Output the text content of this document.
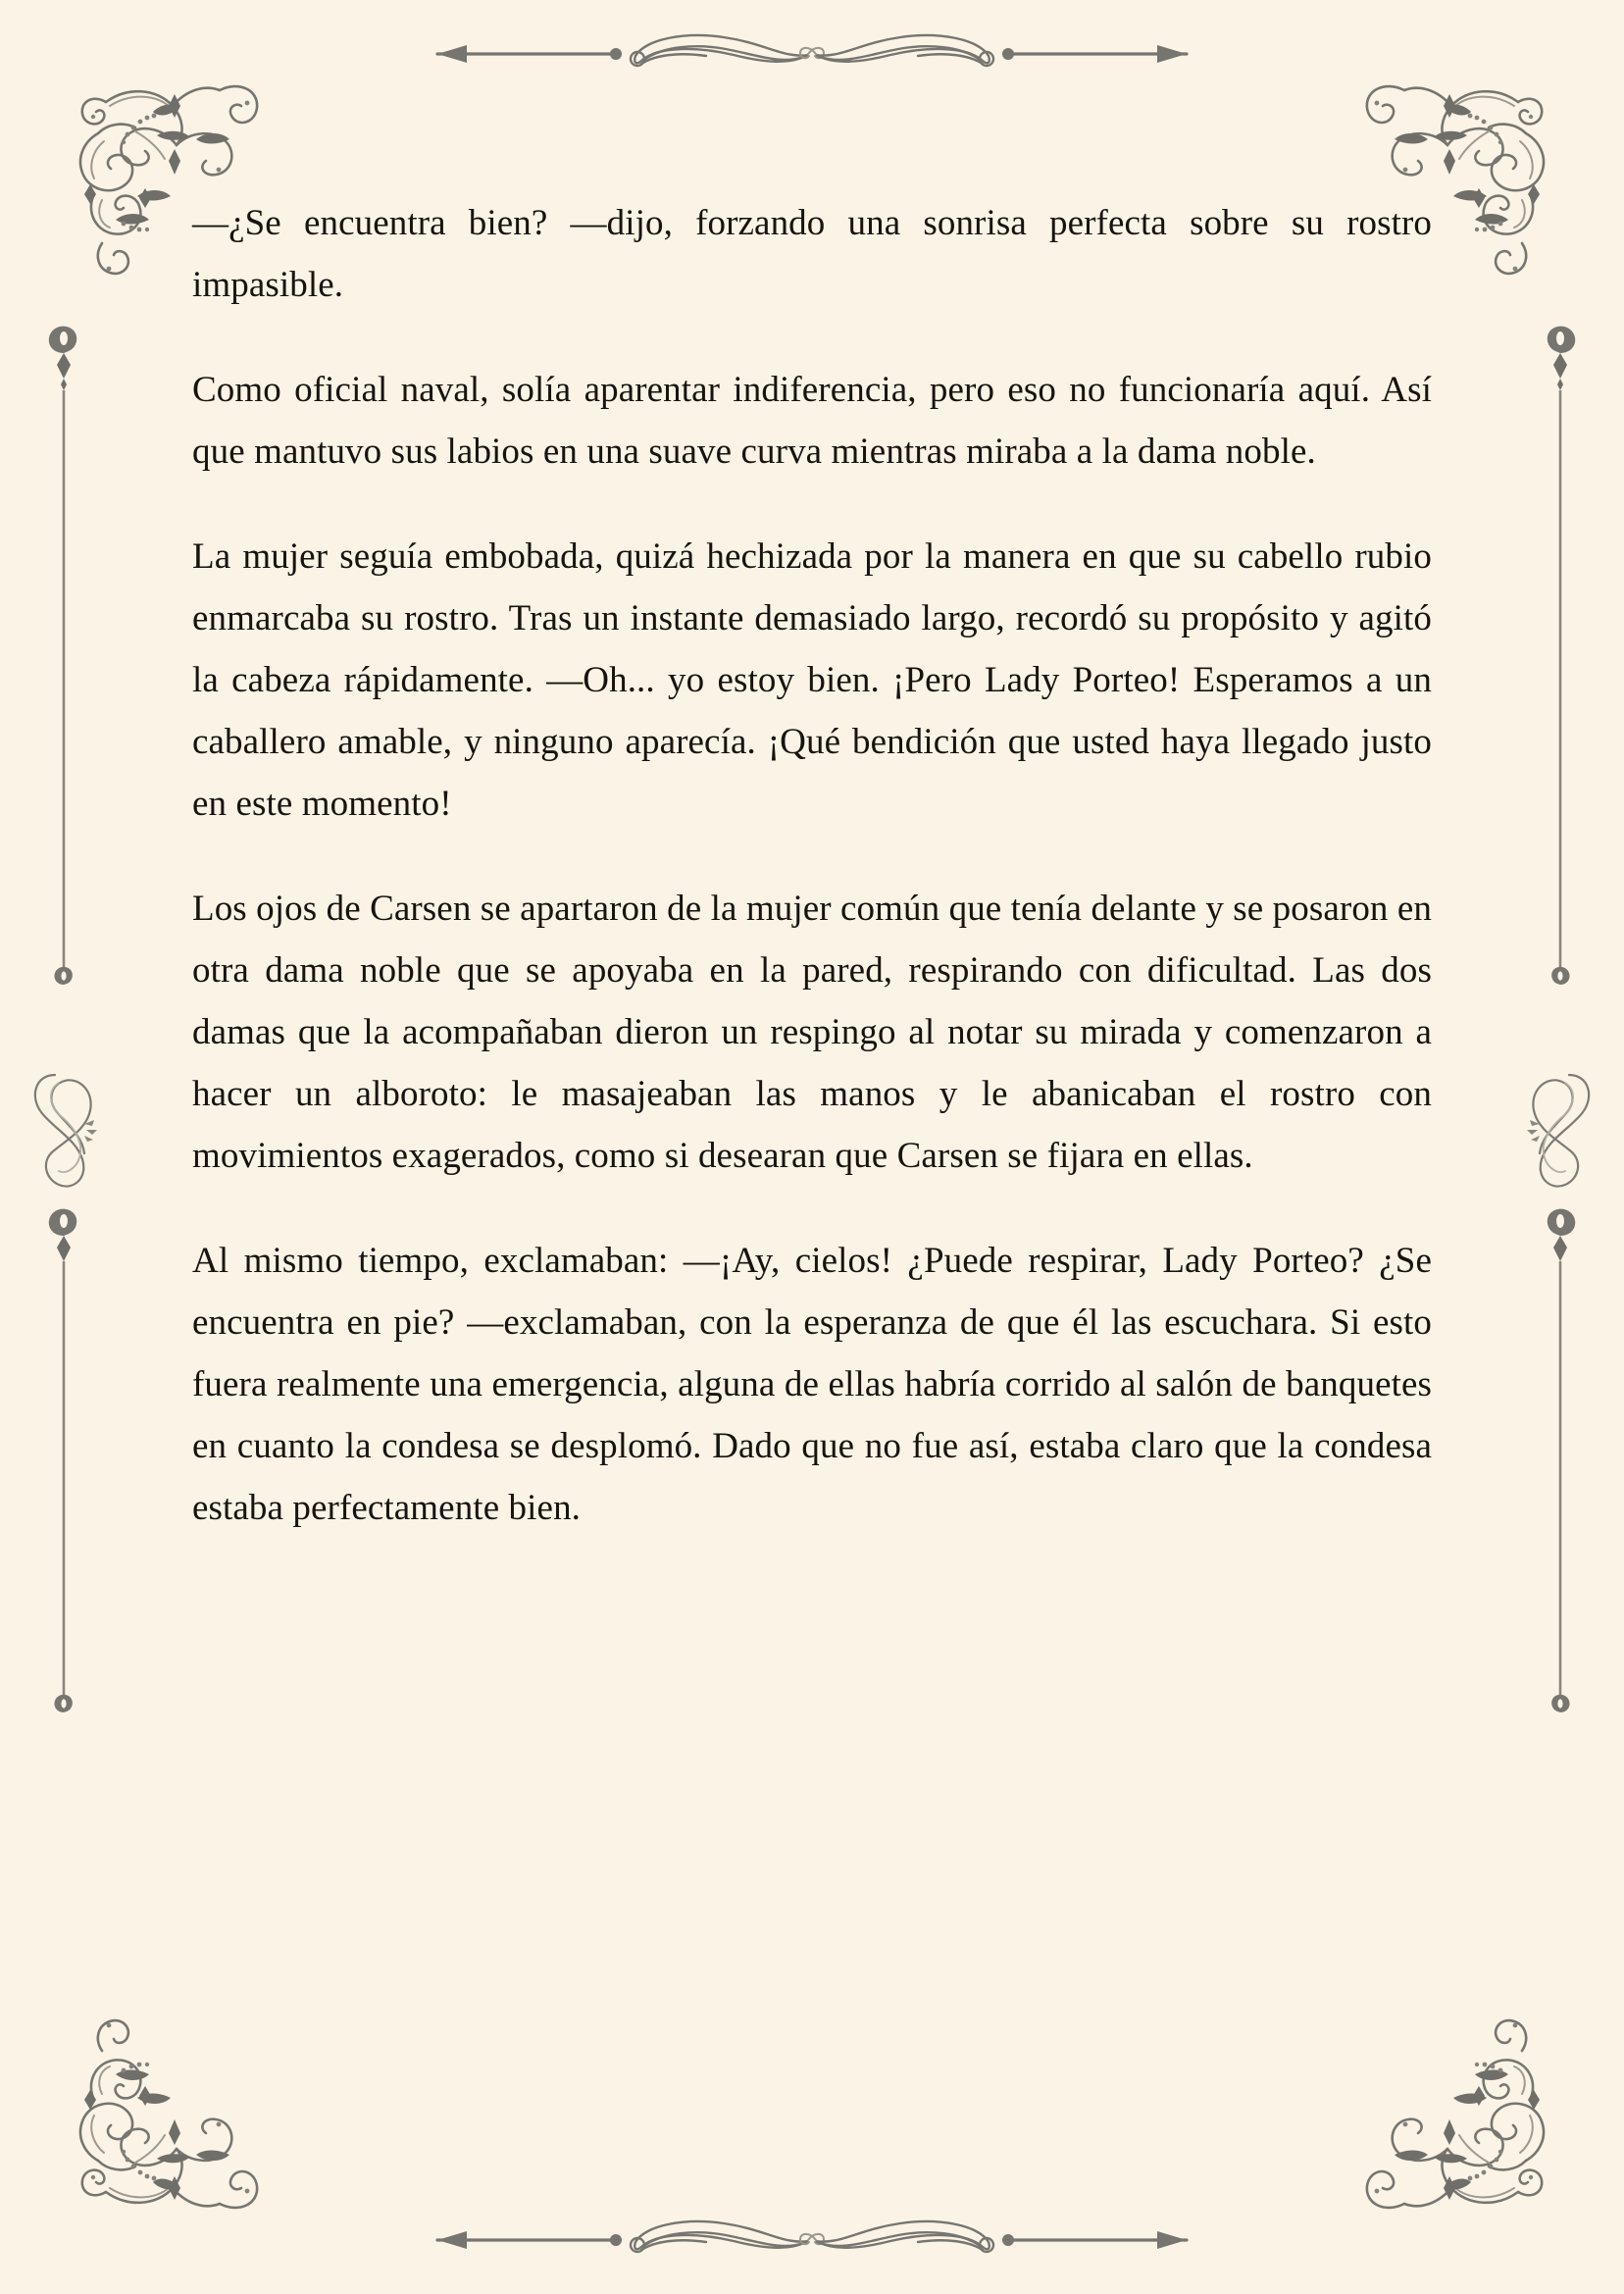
—¿Se encuentra bien? —dijo, forzando una sonrisa perfecta sobre su rostro impasible.

Como oficial naval, solía aparentar indiferencia, pero eso no funcionaría aquí. Así que mantuvo sus labios en una suave curva mientras miraba a la dama noble.

La mujer seguía embobada, quizá hechizada por la manera en que su cabello rubio enmarcaba su rostro. Tras un instante demasiado largo, recordó su propósito y agitó la cabeza rápidamente. —Oh... yo estoy bien. ¡Pero Lady Porteo! Esperamos a un caballero amable, y ninguno aparecía. ¡Qué bendición que usted haya llegado justo en este momento!

Los ojos de Carsen se apartaron de la mujer común que tenía delante y se posaron en otra dama noble que se apoyaba en la pared, respirando con dificultad. Las dos damas que la acompañaban dieron un respingo al notar su mirada y comenzaron a hacer un alboroto: le masajeaban las manos y le abanicaban el rostro con movimientos exagerados, como si desearan que Carsen se fijara en ellas.

Al mismo tiempo, exclamaban: —¡Ay, cielos! ¿Puede respirar, Lady Porteo? ¿Se encuentra en pie? —exclamaban, con la esperanza de que él las escuchara. Si esto fuera realmente una emergencia, alguna de ellas habría corrido al salón de banquetes en cuanto la condesa se desplomó. Dado que no fue así, estaba claro que la condesa estaba perfectamente bien.
